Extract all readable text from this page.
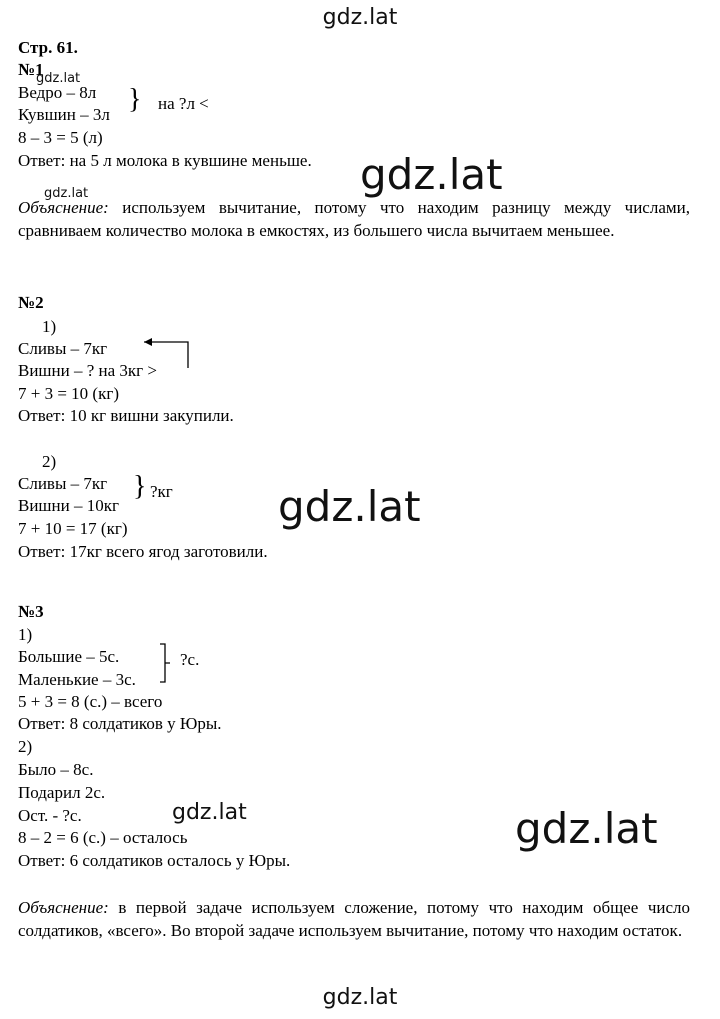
gdz.lat
gdz.lat
gdz.lat	gdz.lat
gdz.lat
gdz.lat	gdz.lat
gdz.lat
Стр. 61.
№1
Ведро – 8л
Кувшин – 3л } на ?л <
8 – 3 = 5 (л)
Ответ: на 5 л молока в кувшине меньше.
Объяснение: используем вычитание, потому что находим разницу между числами, сравниваем количество молока в емкостях, из большего числа вычитаем меньшее.
№2
1)
Сливы – 7кг
Вишни – ? на 3кг >
7 + 3 = 10 (кг)
Ответ: 10 кг вишни закупили.
2)
Сливы – 7кг
Вишни – 10кг
} ?кг
7 + 10 = 17 (кг)
Ответ: 17кг всего ягод заготовили.
№3
1)
Большие – 5с.
Маленькие – 3с.
?с.
5 + 3 = 8 (с.) – всего
Ответ: 8 солдатиков у Юры.
2)
Было – 8с.
Подарил 2с.
Ост. - ?с.
8 – 2 = 6 (с.) – осталось
Ответ: 6 солдатиков осталось у Юры.
Объяснение: в первой задаче используем сложение, потому что находим общее число солдатиков, «всего». Во второй задаче используем вычитание, потому что находим остаток.
